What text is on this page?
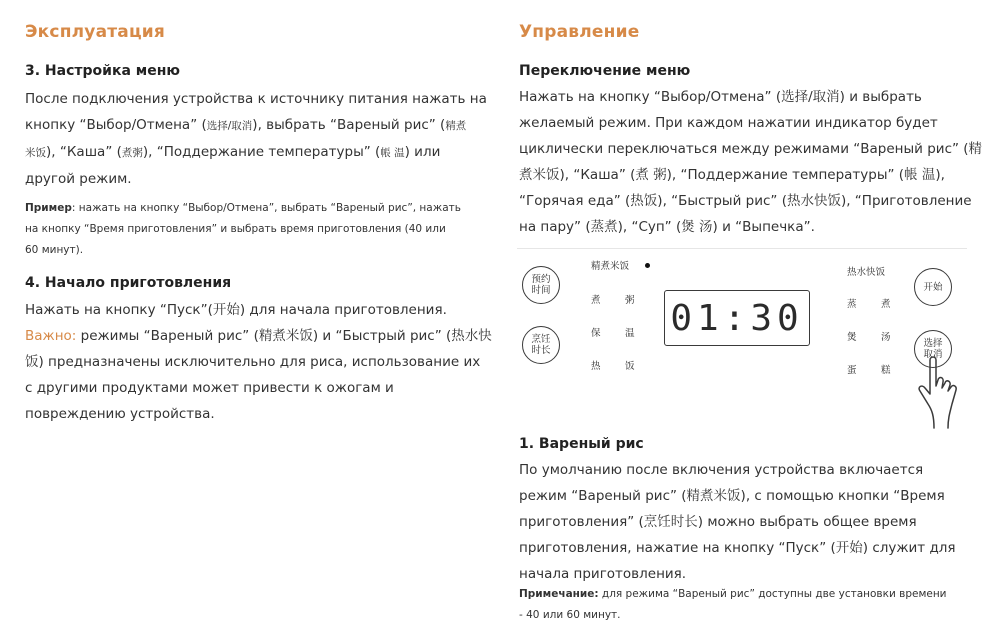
Эксплуатация
3. Настройка меню
После подключения устройства к источнику питания нажать на
кнопку “Выбор/Отмена” (选择/取消), выбрать “Вареный рис” (精煮
米饭), “Каша” (煮粥), “Поддержание температуры” (帳 温) или
другой режим.
Пример: нажать на кнопку “Выбор/Отмена”, выбрать “Вареный рис”, нажать
на кнопку “Время приготовления” и выбрать время приготовления (40 или
60 минут).
4. Начало приготовления
Нажать на кнопку “Пуск”(开始) для начала приготовления.
Важно: режимы “Вареный рис” (精煮米饭) и “Быстрый рис” (热水快
饭) предназначены исключительно для риса, использование их
с другими продуктами может привести к ожогам и
повреждению устройства.
Управление
Переключение меню
Нажать на кнопку “Выбор/Отмена” (选择/取消) и выбрать
желаемый режим. При каждом нажатии индикатор будет
циклически переключаться между режимами “Вареный рис” (精
煮米饭), “Каша” (煮 粥), “Поддержание температуры” (帳 温),
“Горячая еда” (热饭), “Быстрый рис” (热水快饭), “Приготовление
на пару” (蒸煮), “Суп” (煲 汤) и “Выпечка”.
1. Вареный рис
По умолчанию после включения устройства включается
режим “Вареный рис” (精煮米饭), с помощью кнопки “Время
приготовления” (烹饪时长) можно выбрать общее время
приготовления, нажатие на кнопку “Пуск” (开始) служит для
начала приготовления.
Примечание: для режима “Вареный рис” доступны две установки времени
- 40 или 60 минут.
预约
时间
烹饪
时长
精煮米饭
煮	粥
保	温
热	饭
01:30
热水快饭
蒸	煮
煲	汤
蛋	糕
开始
选择
取消
